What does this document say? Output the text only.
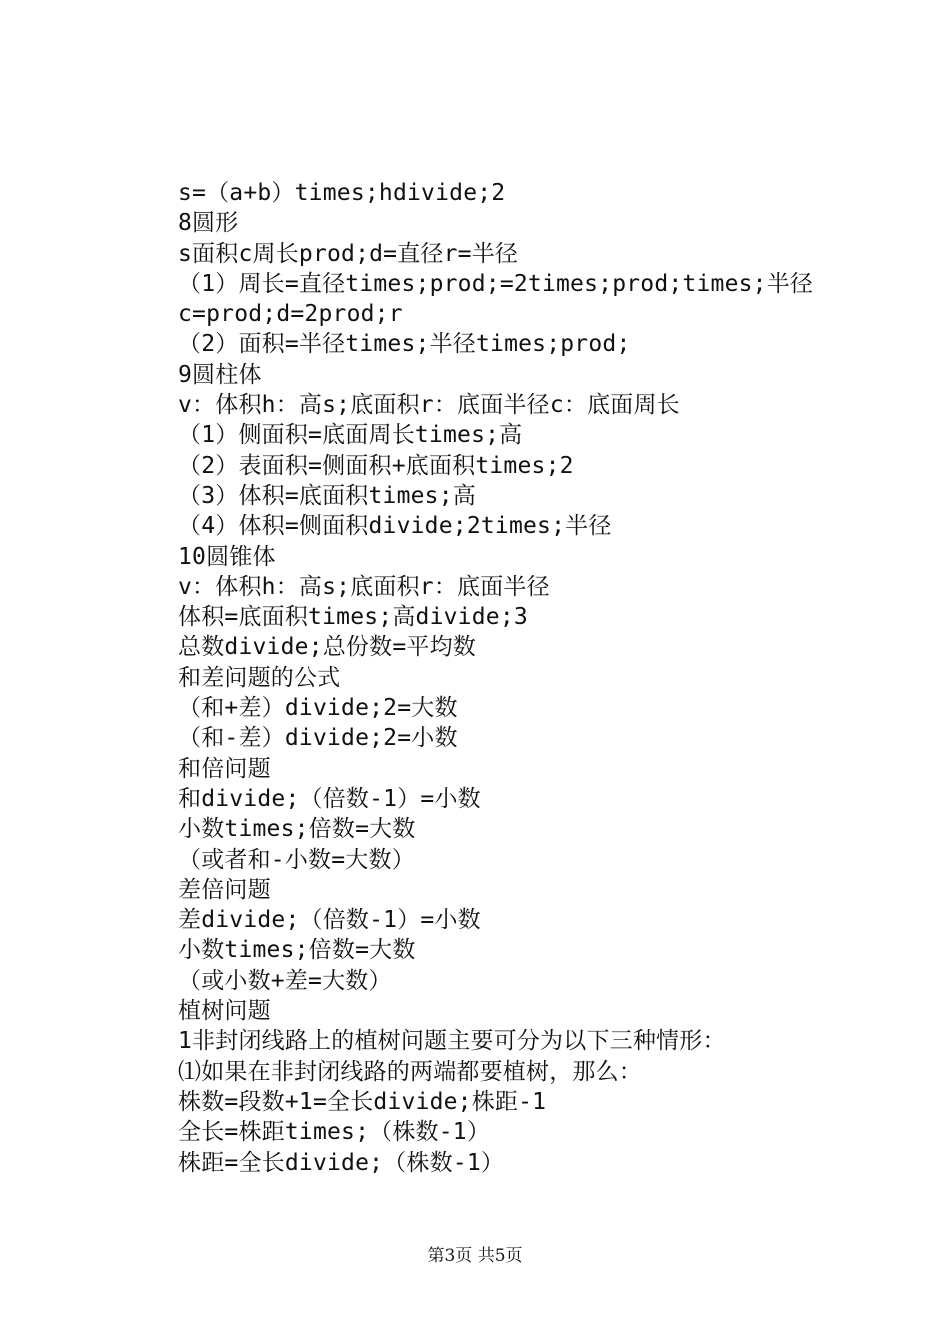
s=（a+b）times;hdivide;2
8圆形
s面积c周长prod;d=直径r=半径
（1）周长=直径times;prod;=2times;prod;times;半径
c=prod;d=2prod;r
（2）面积=半径times;半径times;prod;
9圆柱体
v：体积h：高s;底面积r：底面半径c：底面周长
（1）侧面积=底面周长times;高
（2）表面积=侧面积+底面积times;2
（3）体积=底面积times;高
（4）体积=侧面积divide;2times;半径
10圆锥体
v：体积h：高s;底面积r：底面半径
体积=底面积times;高divide;3
总数divide;总份数=平均数
和差问题的公式
（和+差）divide;2=大数
（和-差）divide;2=小数
和倍问题
和divide;（倍数-1）=小数
小数times;倍数=大数
（或者和-小数=大数）
差倍问题
差divide;（倍数-1）=小数
小数times;倍数=大数
（或小数+差=大数）
植树问题
1非封闭线路上的植树问题主要可分为以下三种情形：
⑴如果在非封闭线路的两端都要植树，那么：
株数=段数+1=全长divide;株距-1
全长=株距times;（株数-1）
株距=全长divide;（株数-1）
第3页 共5页
